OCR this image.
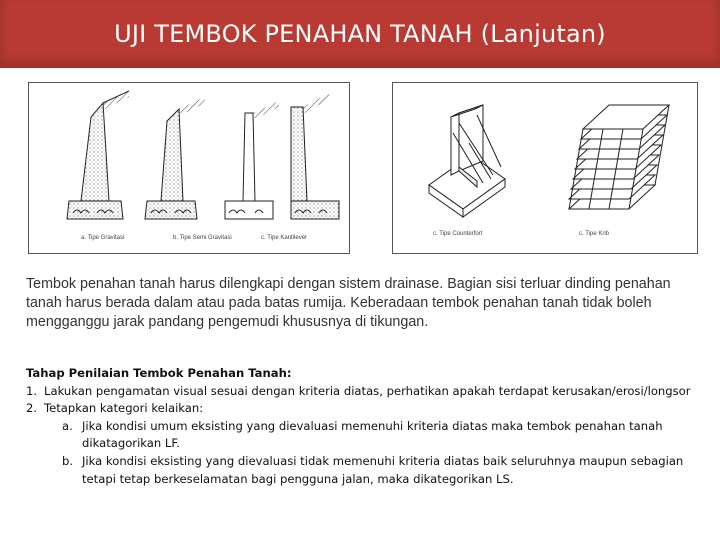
UJI TEMBOK PENAHAN TANAH (Lanjutan)
a. Tipe Gravitasi	b. Tipe Semi Gravitasi	c. Tipe Kantilever
c. Tipe Counterfort	c. Tipe Krib
Tembok penahan tanah harus dilengkapi dengan sistem drainase. Bagian sisi terluar dinding penahan tanah harus berada dalam atau pada batas rumija. Keberadaan tembok penahan tanah tidak boleh mengganggu jarak pandang pengemudi khususnya di tikungan.
Tahap Penilaian Tembok Penahan Tanah:
1. Lakukan pengamatan visual sesuai dengan kriteria diatas, perhatikan apakah terdapat kerusakan/erosi/longsor
2. Tetapkan kategori kelaikan:
a. Jika kondisi umum eksisting yang dievaluasi memenuhi kriteria diatas maka tembok penahan tanah dikatagorikan LF.
b. Jika kondisi eksisting yang dievaluasi tidak memenuhi kriteria diatas baik seluruhnya maupun sebagian tetapi tetap berkeselamatan bagi pengguna jalan, maka dikategorikan LS.
